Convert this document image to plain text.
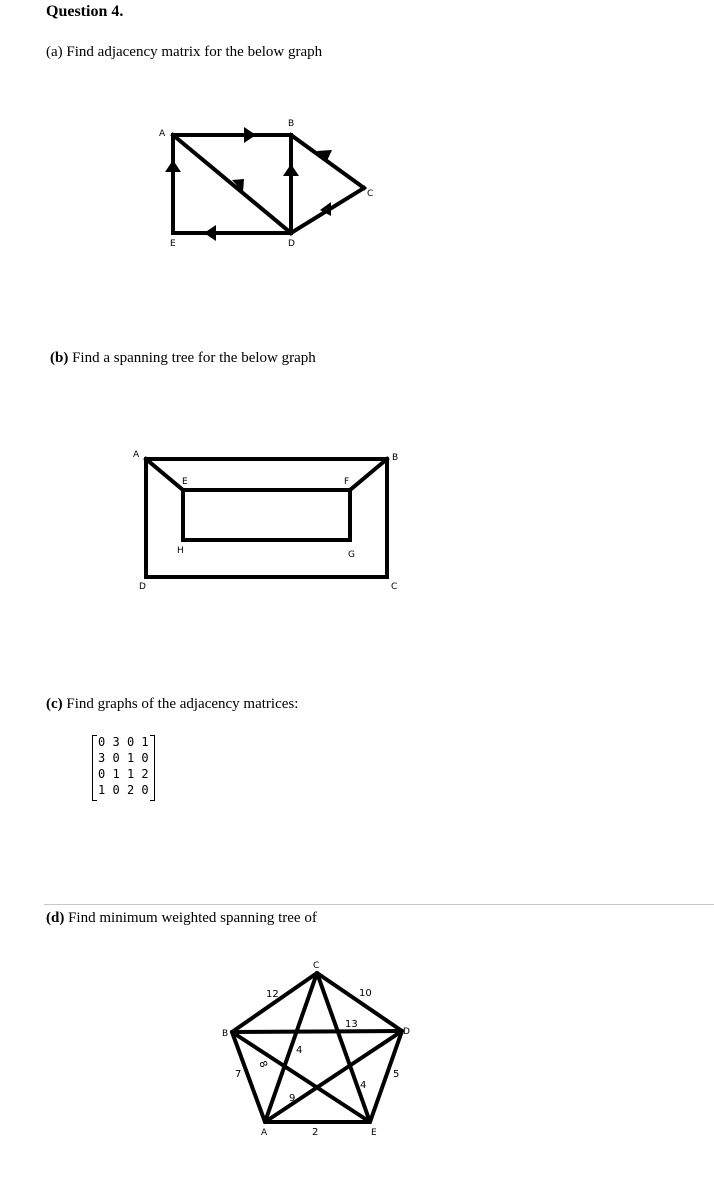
Question 4.
(a) Find adjacency matrix for the below graph
A
B
C
D
E
(b) Find a spanning tree for the below graph
A	B
C
D
E	F
G
H
(c) Find graphs of the adjacency matrices:
0 3 0 1
3 0 1 0
0 1 1 2
1 0 2 0
(d) Find minimum weighted spanning tree of
A
B
C
D
E
12	10
13
4
7
8
9
4
5
2
